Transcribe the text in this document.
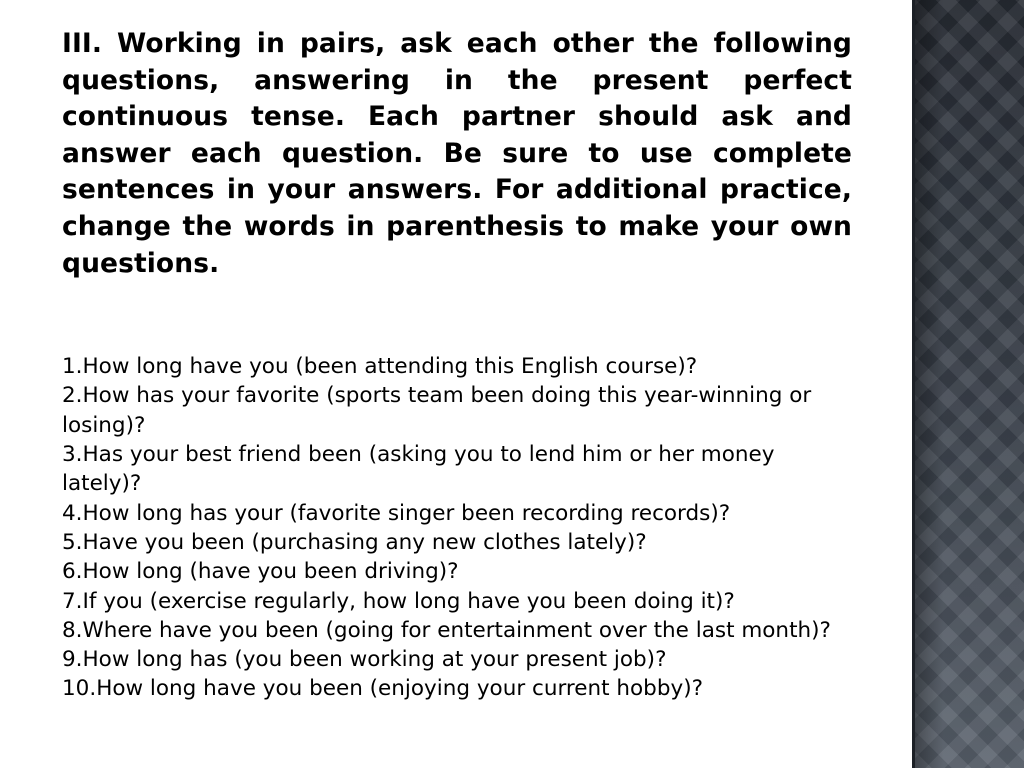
III. Working in pairs, ask each other the following questions, answering in the present perfect continuous tense. Each partner should ask and answer each question. Be sure to use complete sentences in your answers. For additional practice, change the words in parenthesis to make your own questions.

1.How long have you (been attending this English course)?
2.How has your favorite (sports team been doing this year-winning or losing)?
3.Has your best friend been (asking you to lend him or her money lately)?
4.How long has your (favorite singer been recording records)?
5.Have you been (purchasing any new clothes lately)?
6.How long (have you been driving)?
7.If you (exercise regularly, how long have you been doing it)?
8.Where have you been (going for entertainment over the last month)?
9.How long has (you been working at your present job)?
10.How long have you been (enjoying your current hobby)?
